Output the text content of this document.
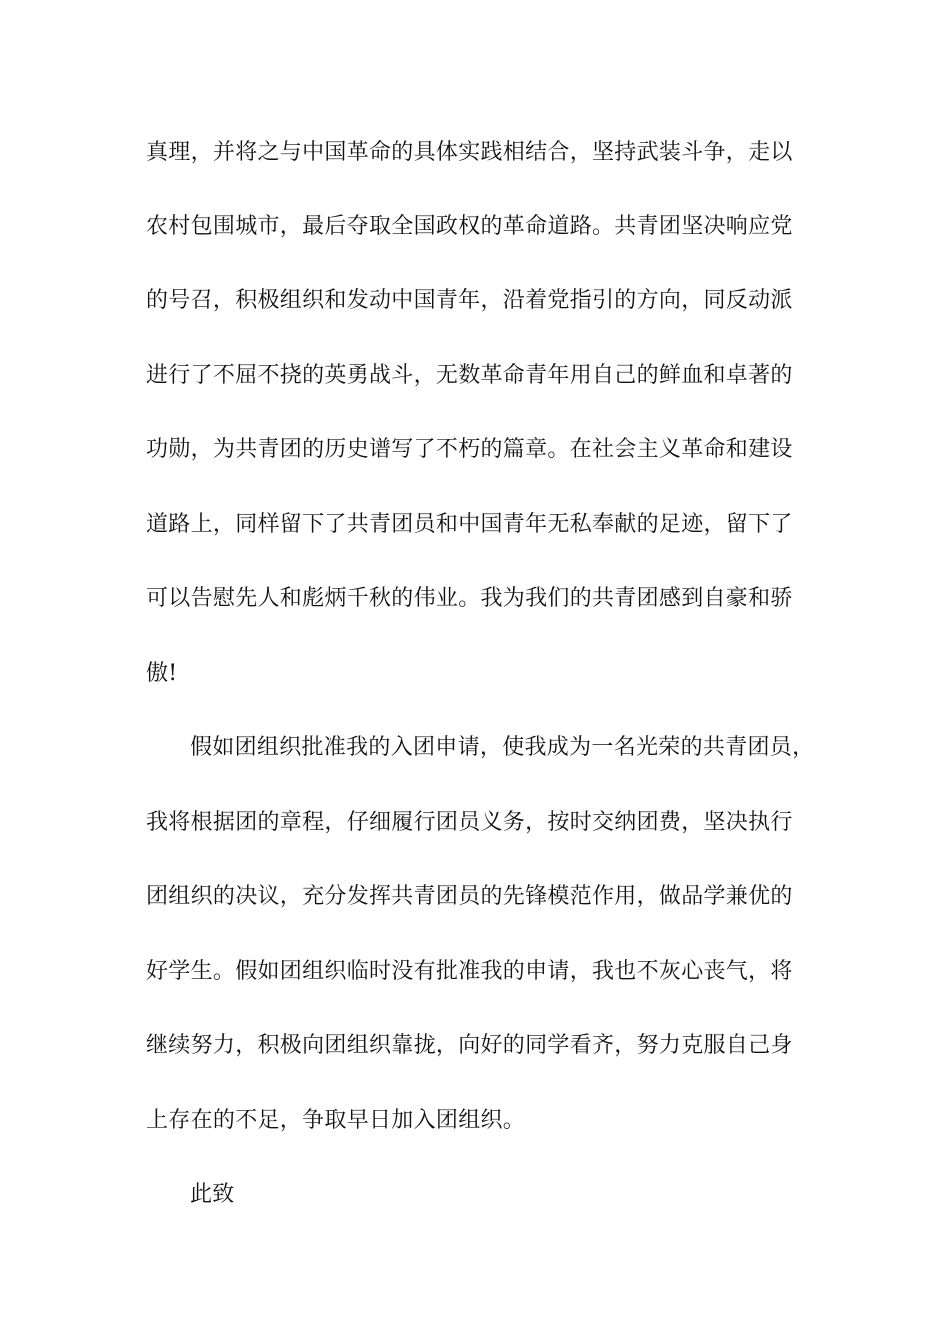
真理，并将之与中国革命的具体实践相结合，坚持武装斗争，走以
农村包围城市，最后夺取全国政权的革命道路。共青团坚决响应党
的号召，积极组织和发动中国青年，沿着党指引的方向，同反动派
进行了不屈不挠的英勇战斗，无数革命青年用自己的鲜血和卓著的
功勋，为共青团的历史谱写了不朽的篇章。在社会主义革命和建设
道路上，同样留下了共青团员和中国青年无私奉献的足迹，留下了
可以告慰先人和彪炳千秋的伟业。我为我们的共青团感到自豪和骄
傲!
假如团组织批准我的入团申请，使我成为一名光荣的共青团员，
我将根据团的章程，仔细履行团员义务，按时交纳团费，坚决执行
团组织的决议，充分发挥共青团员的先锋模范作用，做品学兼优的
好学生。假如团组织临时没有批准我的申请，我也不灰心丧气，将
继续努力，积极向团组织靠拢，向好的同学看齐，努力克服自己身
上存在的不足，争取早日加入团组织。
此致
